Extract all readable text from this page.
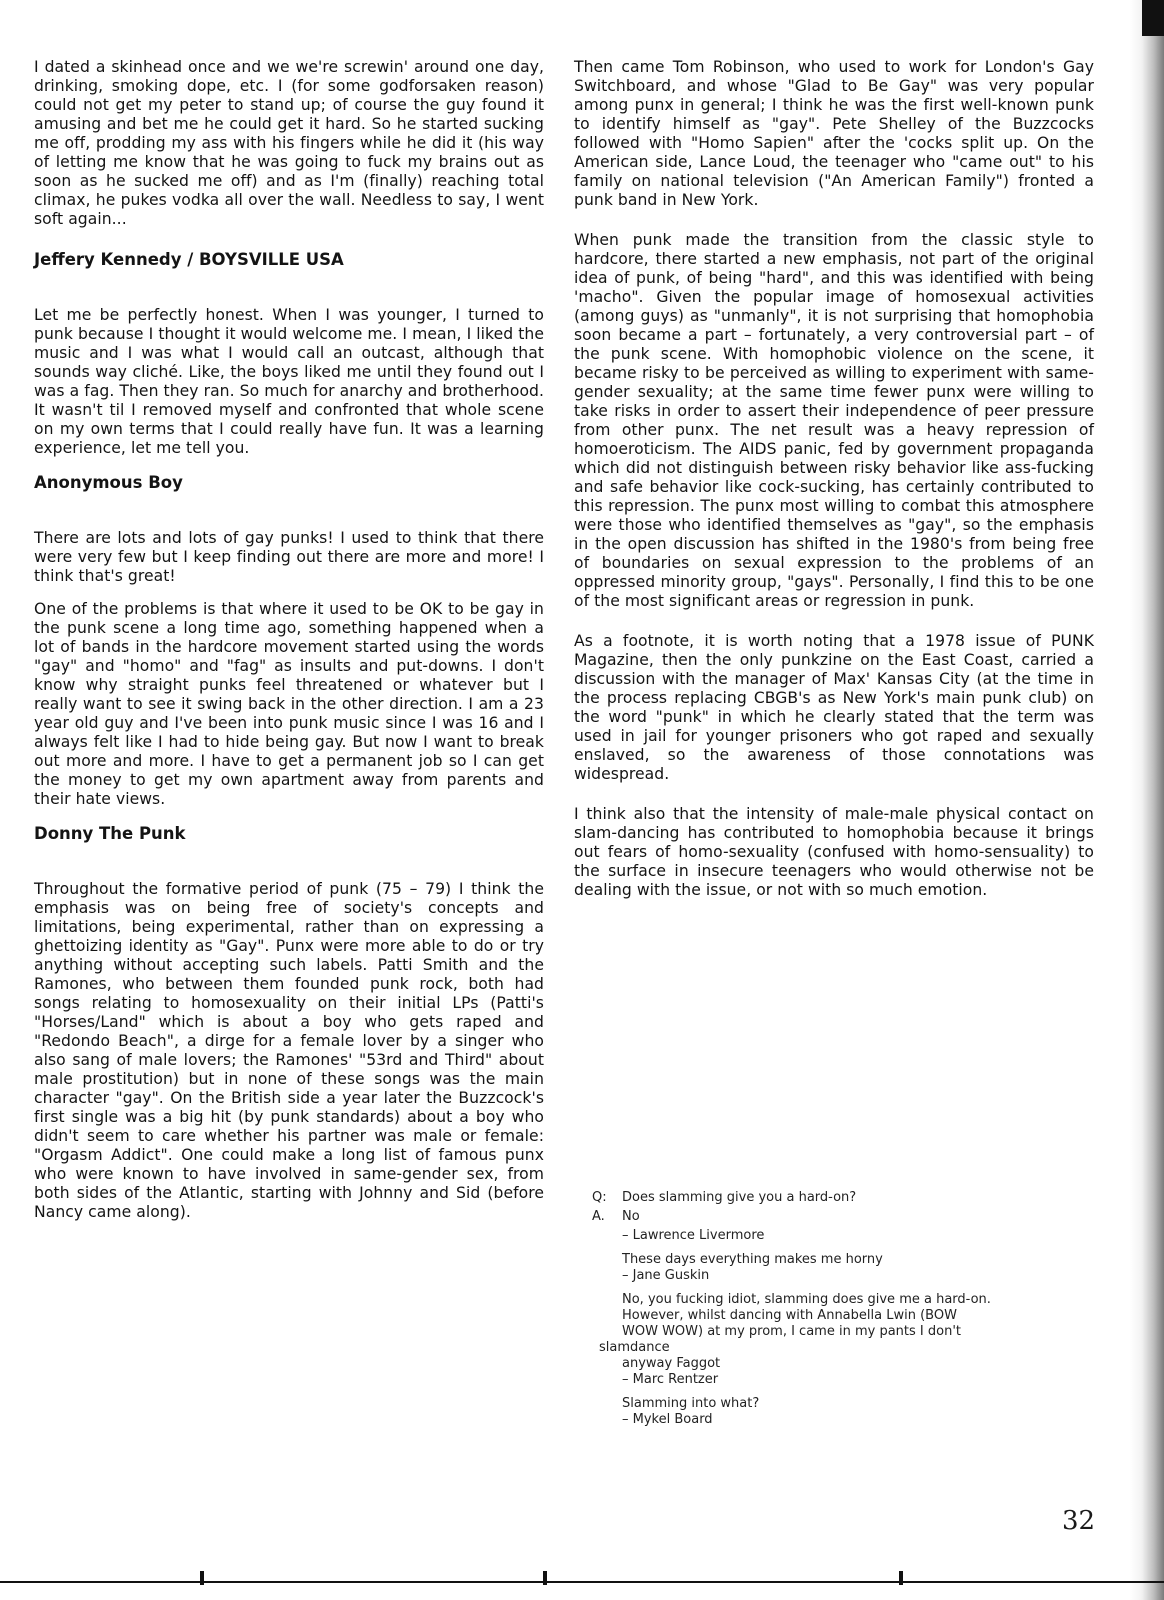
I dated a skinhead once and we we're screwin' around one day, drinking, smoking dope, etc. I (for some godforsaken reason) could not get my peter to stand up; of course the guy found it amusing and bet me he could get it hard. So he started sucking me off, prodding my ass with his fingers while he did it (his way of letting me know that he was going to fuck my brains out as soon as he sucked me off) and as I'm (finally) reaching total climax, he pukes vodka all over the wall. Needless to say, I went soft again...

Jeffery Kennedy / BOYSVILLE USA

Let me be perfectly honest. When I was younger, I turned to punk because I thought it would welcome me. I mean, I liked the music and I was what I would call an outcast, although that sounds way cliché. Like, the boys liked me until they found out I was a fag. Then they ran. So much for anarchy and brotherhood. It wasn't til I removed myself and confronted that whole scene on my own terms that I could really have fun. It was a learning experience, let me tell you.

Anonymous Boy

There are lots and lots of gay punks! I used to think that there were very few but I keep finding out there are more and more! I think that's great!

One of the problems is that where it used to be OK to be gay in the punk scene a long time ago, something happened when a lot of bands in the hardcore movement started using the words "gay" and "homo" and "fag" as insults and put-downs. I don't know why straight punks feel threatened or whatever but I really want to see it swing back in the other direction. I am a 23 year old guy and I've been into punk music since I was 16 and I always felt like I had to hide being gay. But now I want to break out more and more. I have to get a permanent job so I can get the money to get my own apartment away from parents and their hate views.

Donny The Punk

Throughout the formative period of punk (75 – 79) I think the emphasis was on being free of society's concepts and limitations, being experimental, rather than on expressing a ghettoizing identity as "Gay". Punx were more able to do or try anything without accepting such labels. Patti Smith and the Ramones, who between them founded punk rock, both had songs relating to homosexuality on their initial LPs (Patti's "Horses/Land" which is about a boy who gets raped and "Redondo Beach", a dirge for a female lover by a singer who also sang of male lovers; the Ramones' "53rd and Third" about male prostitution) but in none of these songs was the main character "gay". On the British side a year later the Buzzcock's first single was a big hit (by punk standards) about a boy who didn't seem to care whether his partner was male or female: "Orgasm Addict". One could make a long list of famous punx who were known to have involved in same-gender sex, from both sides of the Atlantic, starting with Johnny and Sid (before Nancy came along).

Then came Tom Robinson, who used to work for London's Gay Switchboard, and whose "Glad to Be Gay" was very popular among punx in general; I think he was the first well-known punk to identify himself as "gay". Pete Shelley of the Buzzcocks followed with "Homo Sapien" after the 'cocks split up. On the American side, Lance Loud, the teenager who "came out" to his family on national television ("An American Family") fronted a punk band in New York.

When punk made the transition from the classic style to hardcore, there started a new emphasis, not part of the original idea of punk, of being "hard", and this was identified with being 'macho". Given the popular image of homosexual activities (among guys) as "unmanly", it is not surprising that homophobia soon became a part – fortunately, a very controversial part – of the punk scene. With homophobic violence on the scene, it became risky to be perceived as willing to experiment with same-gender sexuality; at the same time fewer punx were willing to take risks in order to assert their independence of peer pressure from other punx. The net result was a heavy repression of homoeroticism. The AIDS panic, fed by government propaganda which did not distinguish between risky behavior like ass-fucking and safe behavior like cock-sucking, has certainly contributed to this repression. The punx most willing to combat this atmosphere were those who identified themselves as "gay", so the emphasis in the open discussion has shifted in the 1980's from being free of boundaries on sexual expression to the problems of an oppressed minority group, "gays". Personally, I find this to be one of the most significant areas or regression in punk.

As a footnote, it is worth noting that a 1978 issue of PUNK Magazine, then the only punkzine on the East Coast, carried a discussion with the manager of Max' Kansas City (at the time in the process replacing CBGB's as New York's main punk club) on the word "punk" in which he clearly stated that the term was used in jail for younger prisoners who got raped and sexually enslaved, so the awareness of those connotations was widespread.

I think also that the intensity of male-male physical contact on slam-dancing has contributed to homophobia because it brings out fears of homo-sexuality (confused with homo-sensuality) to the surface in insecure teenagers who would otherwise not be dealing with the issue, or not with so much emotion.

Q:	Does slamming give you a hard-on?
A.	No
– Lawrence Livermore
These days everything makes me horny
– Jane Guskin
No, you fucking idiot, slamming does give me a hard-on.
However, whilst dancing with Annabella Lwin (BOW
WOW WOW) at my prom, I came in my pants I don't
slamdance
anyway Faggot
– Marc Rentzer
Slamming into what?
– Mykel Board
32
